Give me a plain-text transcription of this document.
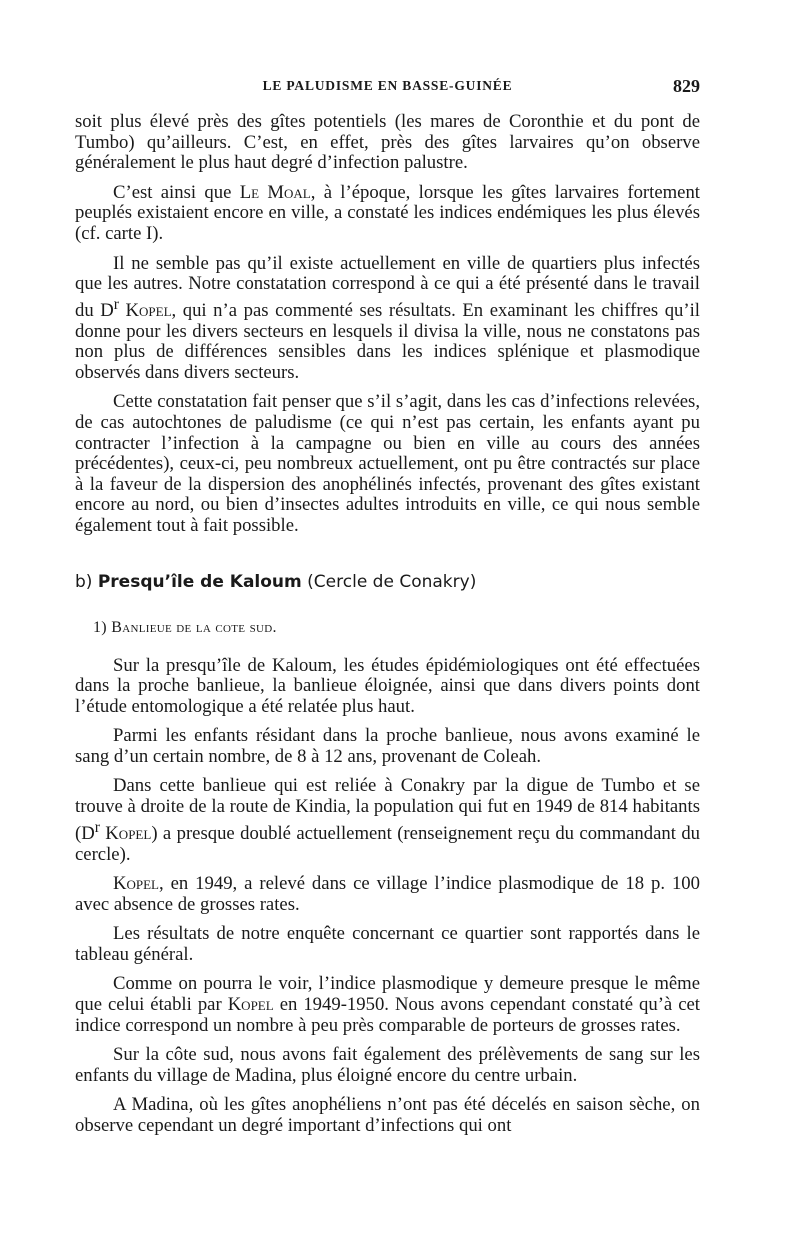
LE PALUDISME EN BASSE-GUINÉE	829

soit plus élevé près des gîtes potentiels (les mares de Coronthie et du pont de Tumbo) qu’ailleurs. C’est, en effet, près des gîtes larvaires qu’on observe généralement le plus haut degré d’infection palustre.

C’est ainsi que Le Moal, à l’époque, lorsque les gîtes larvaires fortement peuplés existaient encore en ville, a constaté les indices endémiques les plus élevés (cf. carte I).

Il ne semble pas qu’il existe actuellement en ville de quartiers plus infectés que les autres. Notre constatation correspond à ce qui a été présenté dans le travail du $D^r$ Kopel, qui n’a pas commenté ses résultats. En examinant les chiffres qu’il donne pour les divers secteurs en lesquels il divisa la ville, nous ne constatons pas non plus de différences sensibles dans les indices splénique et plasmodique observés dans divers secteurs.

Cette constatation fait penser que s’il s’agit, dans les cas d’infections relevées, de cas autochtones de paludisme (ce qui n’est pas certain, les enfants ayant pu contracter l’infection à la campagne ou bien en ville au cours des années précédentes), ceux-ci, peu nombreux actuellement, ont pu être contractés sur place à la faveur de la dispersion des anophélinés infectés, provenant des gîtes existant encore au nord, ou bien d’insectes adultes introduits en ville, ce qui nous semble également tout à fait possible.

b) Presqu’île de Kaloum (Cercle de Conakry)
1) Banlieue de la cote sud.

Sur la presqu’île de Kaloum, les études épidémiologiques ont été effectuées dans la proche banlieue, la banlieue éloignée, ainsi que dans divers points dont l’étude entomologique a été relatée plus haut.

Parmi les enfants résidant dans la proche banlieue, nous avons examiné le sang d’un certain nombre, de 8 à 12 ans, provenant de Coleah.

Dans cette banlieue qui est reliée à Conakry par la digue de Tumbo et se trouve à droite de la route de Kindia, la population qui fut en 1949 de 814 habitants ($D^r$ Kopel) a presque doublé actuellement (renseignement reçu du commandant du cercle).

Kopel, en 1949, a relevé dans ce village l’indice plasmodique de 18 p. 100 avec absence de grosses rates.

Les résultats de notre enquête concernant ce quartier sont rapportés dans le tableau général.

Comme on pourra le voir, l’indice plasmodique y demeure presque le même que celui établi par Kopel en 1949-1950. Nous avons cependant constaté qu’à cet indice correspond un nombre à peu près comparable de porteurs de grosses rates.

Sur la côte sud, nous avons fait également des prélèvements de sang sur les enfants du village de Madina, plus éloigné encore du centre urbain.

A Madina, où les gîtes anophéliens n’ont pas été décelés en saison sèche, on observe cependant un degré important d’infections qui ont
